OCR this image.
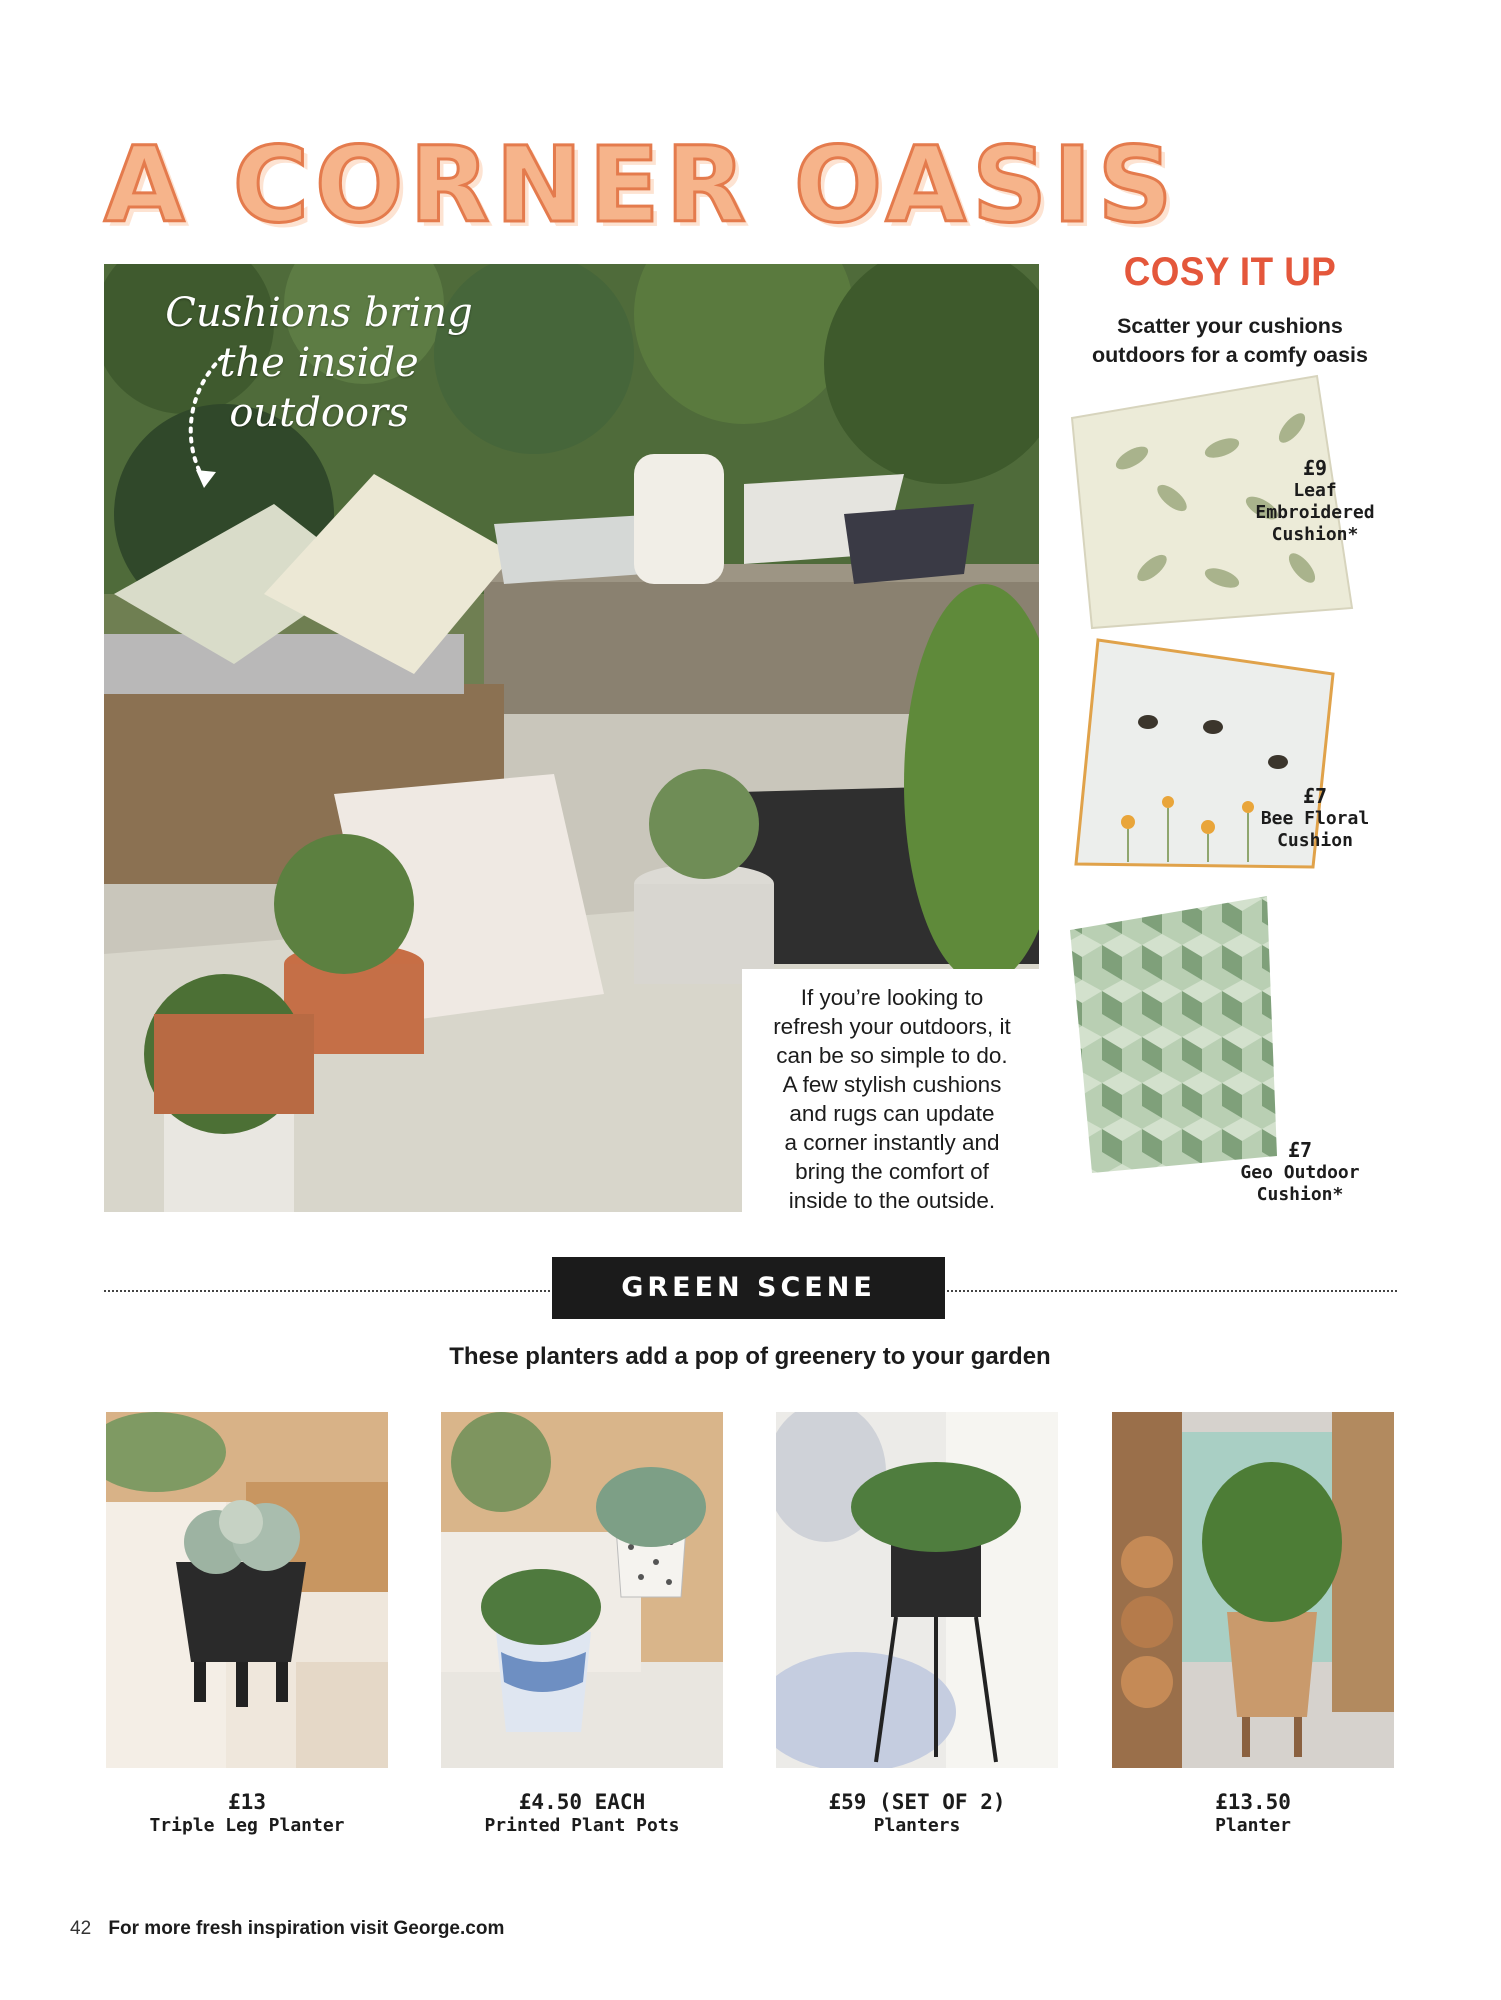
A CORNER OASIS
Cushions bring
the inside
outdoors
If you’re looking to
refresh your outdoors, it
can be so simple to do.
A few stylish cushions
and rugs can update
a corner instantly and
bring the comfort of
inside to the outside.
COSY IT UP
Scatter your cushions
outdoors for a comfy oasis
£9
Leaf
Embroidered
Cushion*
£7
Bee Floral
Cushion
£7
Geo Outdoor
Cushion*
GREEN SCENE
These planters add a pop of greenery to your garden
£13
Triple Leg Planter
£4.50 EACH
Printed Plant Pots
£59 (SET OF 2)
Planters
£13.50
Planter
42 For more fresh inspiration visit George.com
